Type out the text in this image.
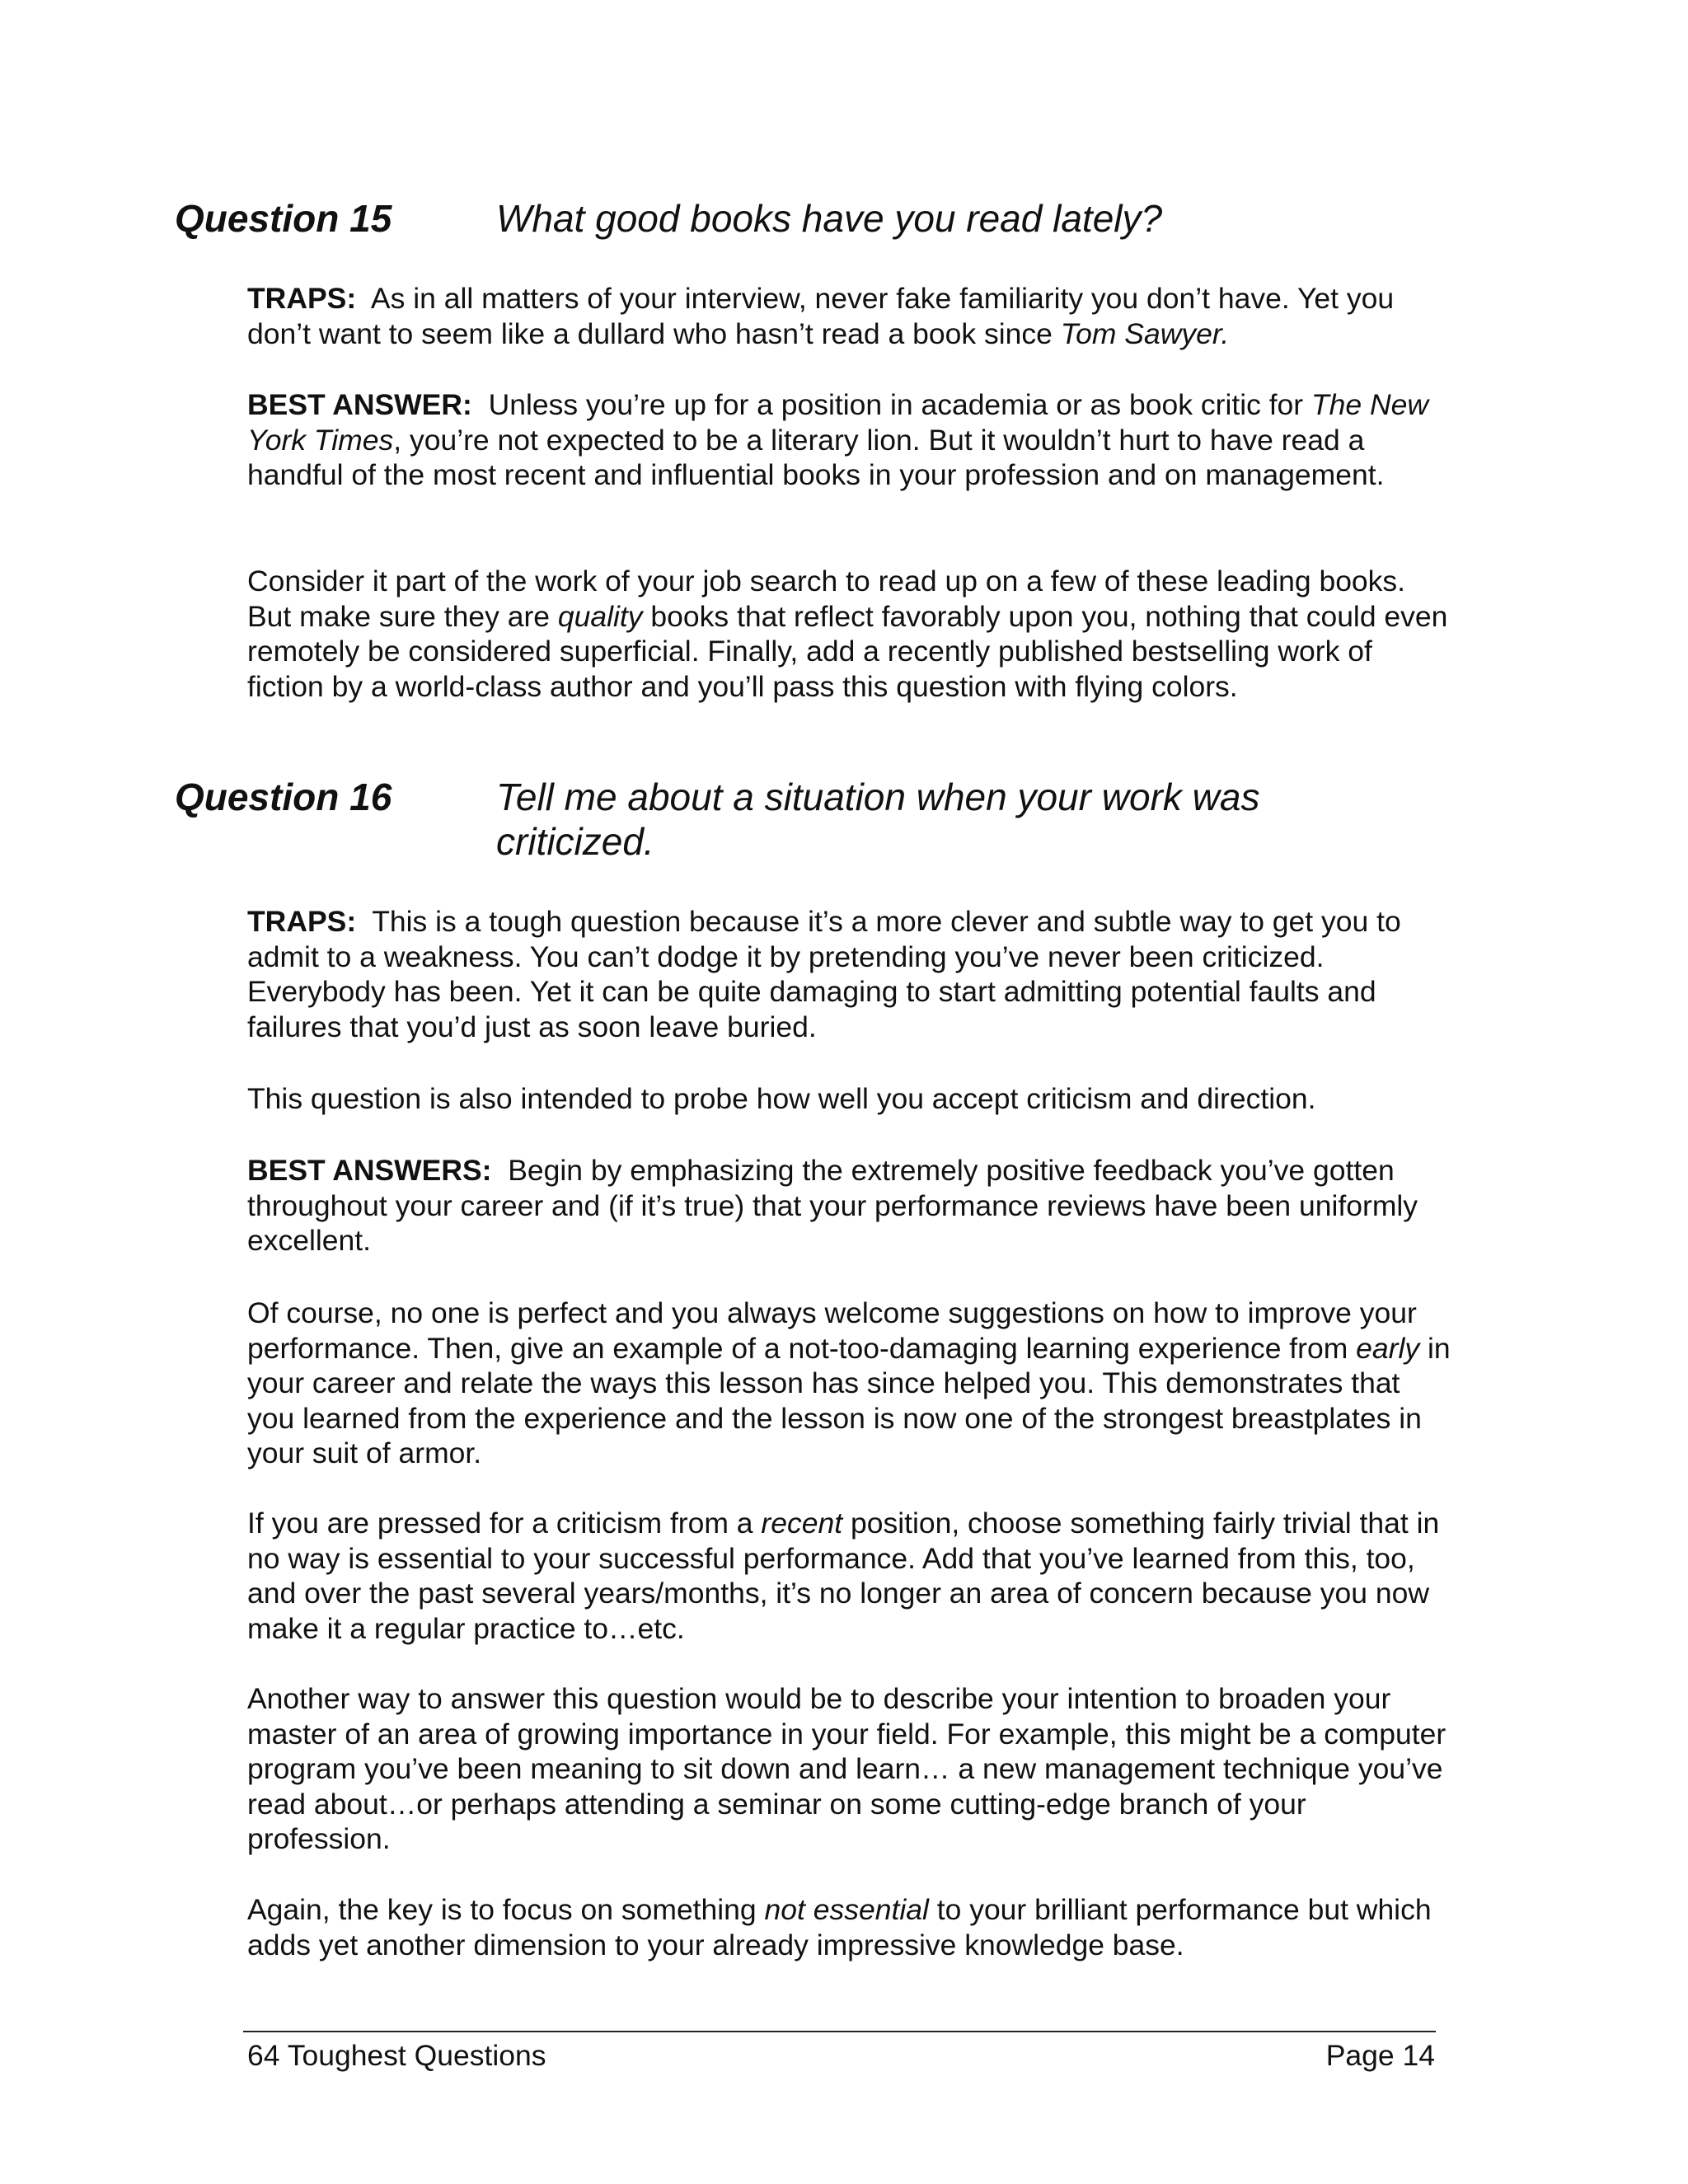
Question 15	What good books have you read lately?

TRAPS: As in all matters of your interview, never fake familiarity you don’t have. Yet you don’t want to seem like a dullard who hasn’t read a book since Tom Sawyer.

BEST ANSWER: Unless you’re up for a position in academia or as book critic for The New York Times, you’re not expected to be a literary lion. But it wouldn’t hurt to have read a handful of the most recent and influential books in your profession and on management.

Consider it part of the work of your job search to read up on a few of these leading books. But make sure they are quality books that reflect favorably upon you, nothing that could even remotely be considered superficial. Finally, add a recently published bestselling work of fiction by a world-class author and you’ll pass this question with flying colors.

Question 16	Tell me about a situation when your work was
criticized.

TRAPS: This is a tough question because it’s a more clever and subtle way to get you to admit to a weakness. You can’t dodge it by pretending you’ve never been criticized. Everybody has been. Yet it can be quite damaging to start admitting potential faults and failures that you’d just as soon leave buried.

This question is also intended to probe how well you accept criticism and direction.

BEST ANSWERS: Begin by emphasizing the extremely positive feedback you’ve gotten throughout your career and (if it’s true) that your performance reviews have been uniformly excellent.

Of course, no one is perfect and you always welcome suggestions on how to improve your performance. Then, give an example of a not-too-damaging learning experience from early in your career and relate the ways this lesson has since helped you. This demonstrates that you learned from the experience and the lesson is now one of the strongest breastplates in your suit of armor.

If you are pressed for a criticism from a recent position, choose something fairly trivial that in no way is essential to your successful performance. Add that you’ve learned from this, too, and over the past several years/months, it’s no longer an area of concern because you now make it a regular practice to…etc.

Another way to answer this question would be to describe your intention to broaden your master of an area of growing importance in your field. For example, this might be a computer program you’ve been meaning to sit down and learn… a new management technique you’ve read about…or perhaps attending a seminar on some cutting-edge branch of your profession.

Again, the key is to focus on something not essential to your brilliant performance but which adds yet another dimension to your already impressive knowledge base.

64 Toughest Questions	Page 14
